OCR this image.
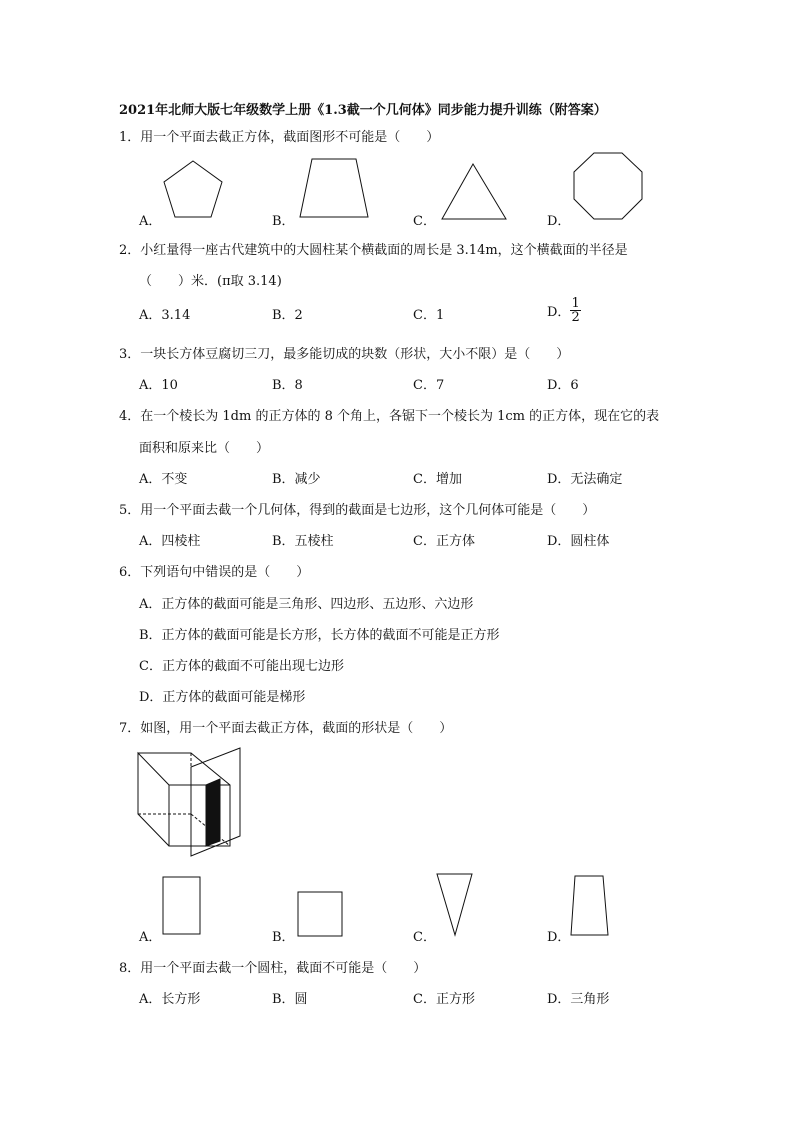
2021年北师大版七年级数学上册《1.3截一个几何体》同步能力提升训练（附答案）
1．用一个平面去截正方体，截面图形不可能是（　　）
A．	B．	C．	D．
2．小红量得一座古代建筑中的大圆柱某个横截面的周长是 3.14m，这个横截面的半径是
（　　）米．(π取 3.14)
A．3.14	B．2	C．1	D． $\frac{1}{2}$
3．一块长方体豆腐切三刀，最多能切成的块数（形状，大小不限）是（　　）
A．10	B．8	C．7	D．6
4．在一个棱长为 1dm 的正方体的 8 个角上，各锯下一个棱长为 1cm 的正方体，现在它的表
面积和原来比（　　）
A．不变	B．减少	C．增加	D．无法确定
5．用一个平面去截一个几何体，得到的截面是七边形，这个几何体可能是（　　）
A．四棱柱	B．五棱柱	C．正方体	D．圆柱体
6．下列语句中错误的是（　　）
A．正方体的截面可能是三角形、四边形、五边形、六边形
B．正方体的截面可能是长方形，长方体的截面不可能是正方形
C．正方体的截面不可能出现七边形
D．正方体的截面可能是梯形
7．如图，用一个平面去截正方体，截面的形状是（　　）
A．	B．	C．	D．
8．用一个平面去截一个圆柱，截面不可能是（　　）
A．长方形	B．圆	C．正方形	D．三角形
